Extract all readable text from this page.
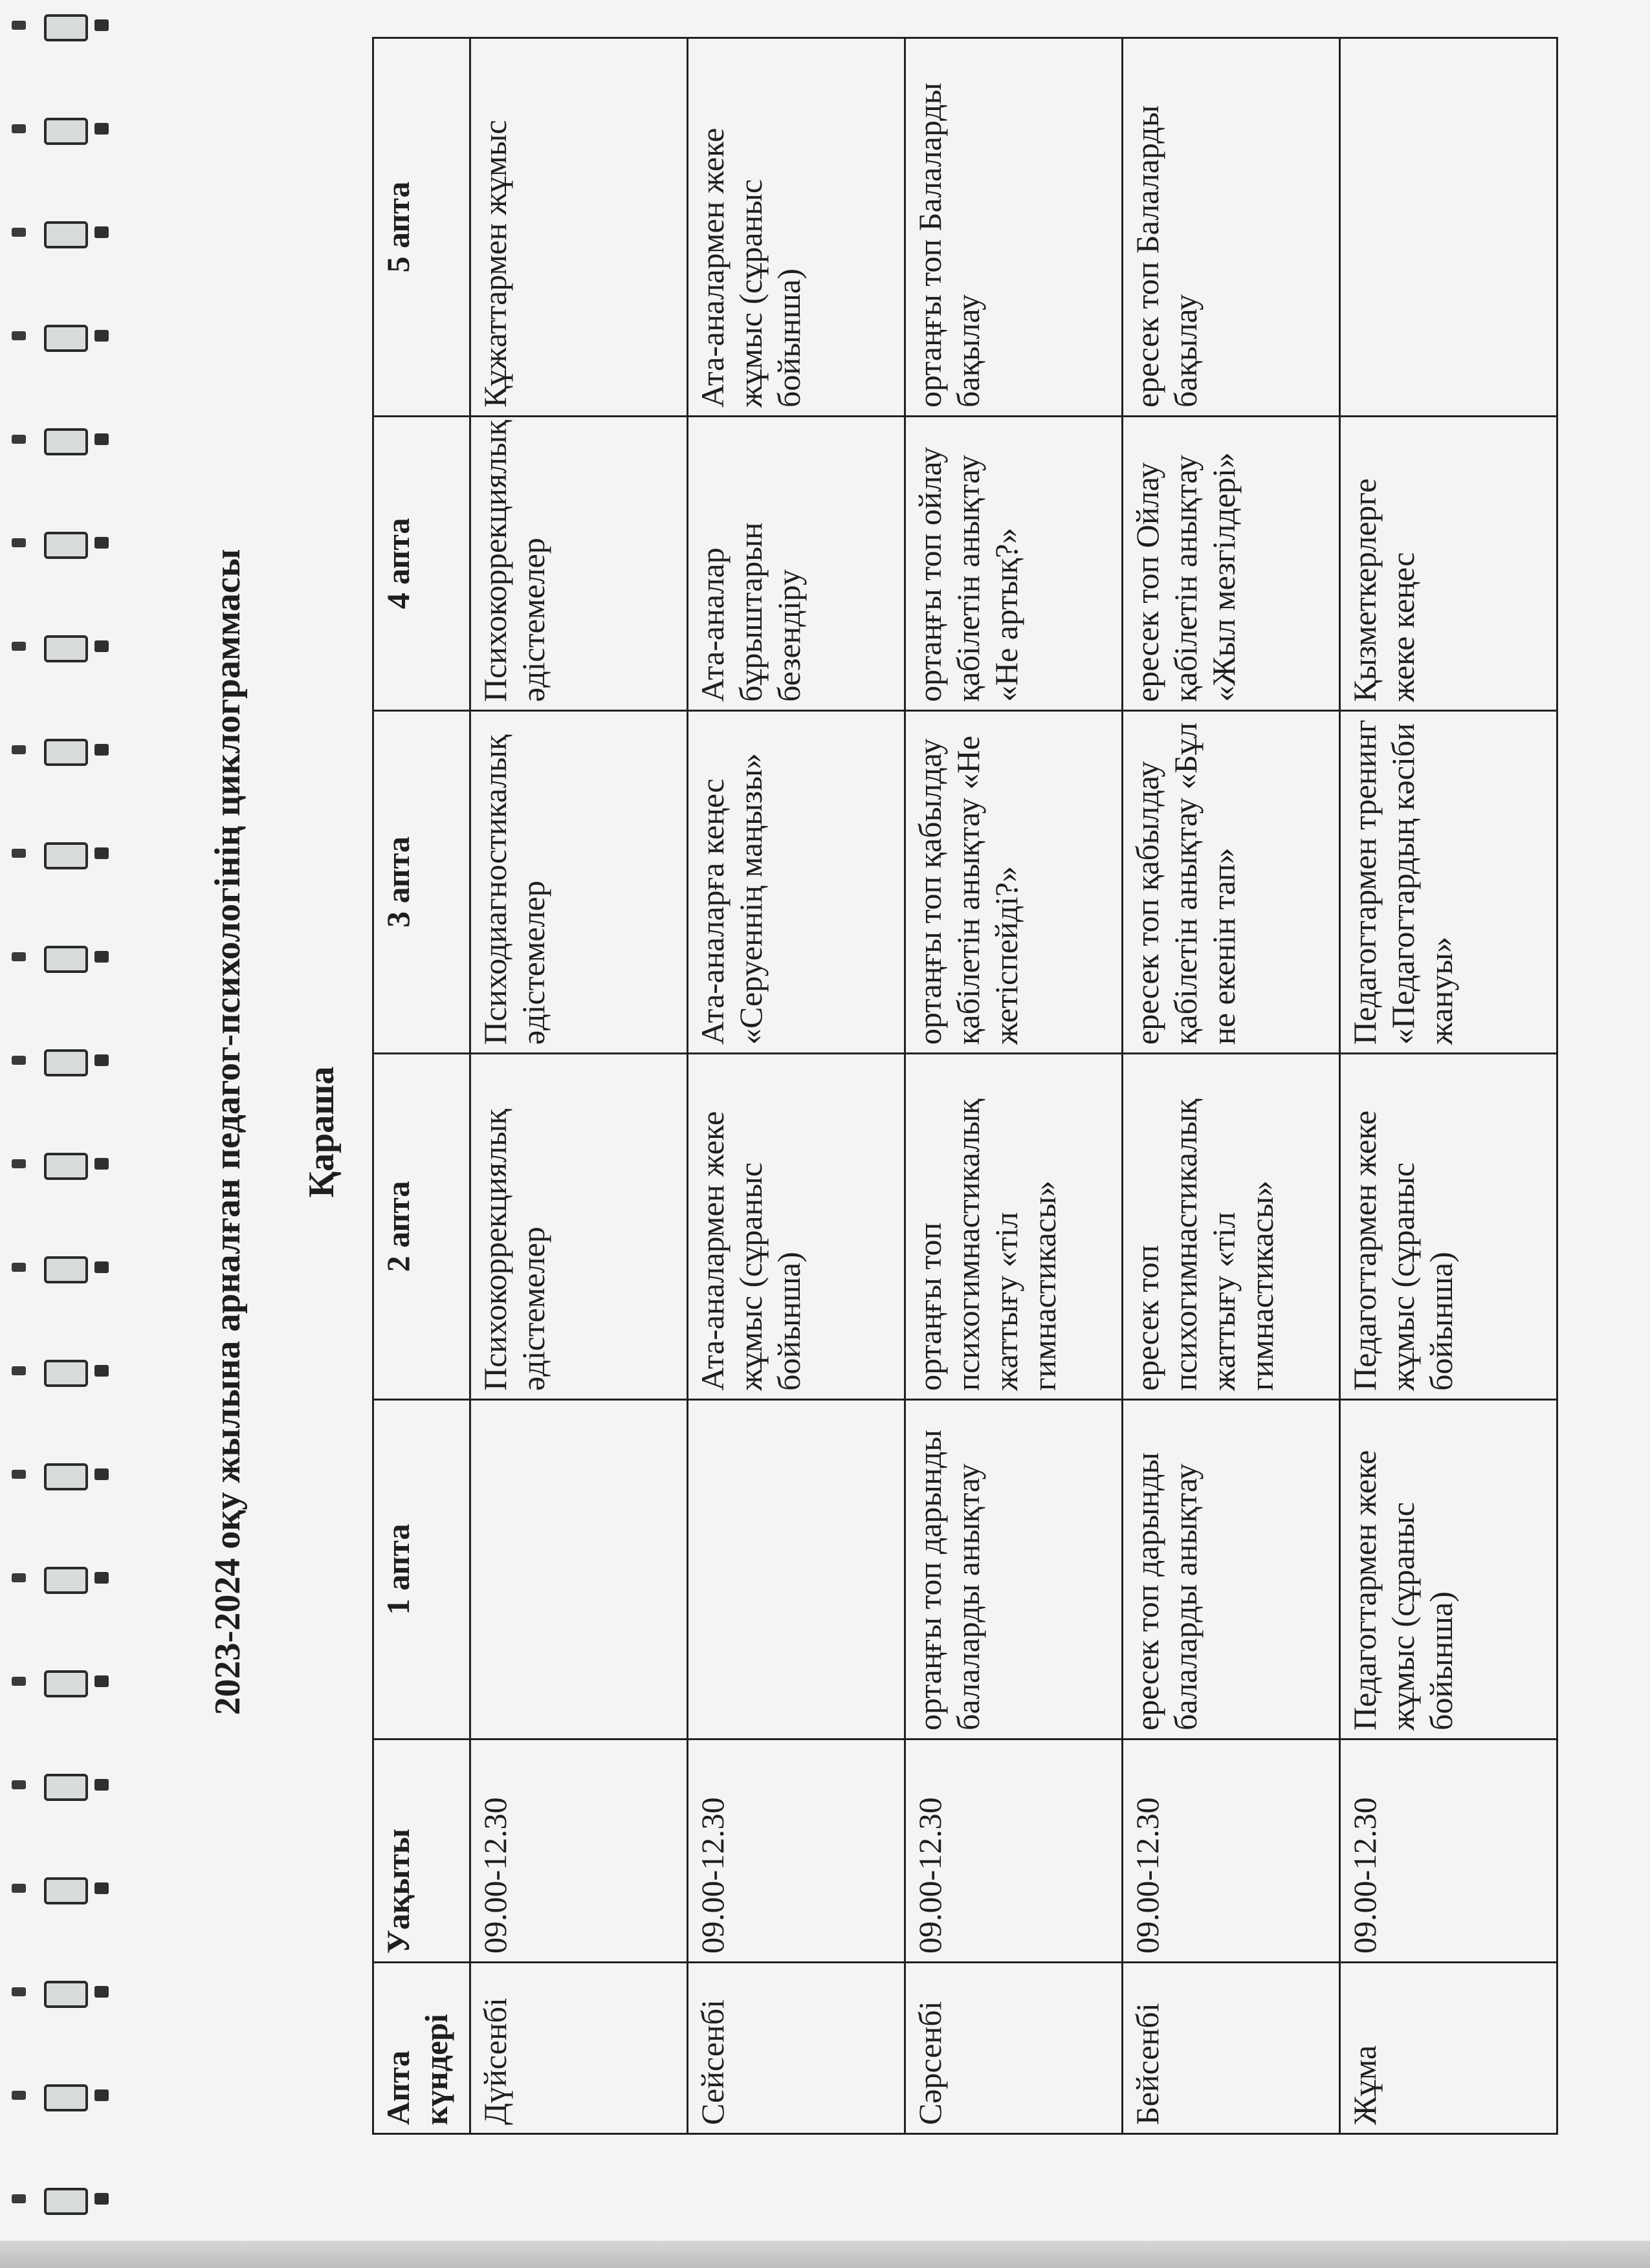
2023-2024 оқу жылына арналған педагог-психологінің циклограммасы Қараша
Апта күндері	Уақыты	1 апта	2 апта	3 апта	4 апта	5 апта
Дүйсенбі	09.00-12.30		Психокоррекциялық әдістемелер	Психодиагностикалық әдістемелер	Психокоррекциялық әдістемелер	Құжаттармен жұмыс
Сейсенбі	09.00-12.30		Ата-аналармен жеке жұмыс (сұраныс бойынша)	Ата-аналарға кеңес «Серуеннің маңызы»	Ата-аналар бұрыштарын безендіру	Ата-аналармен жеке жұмыс (сұраныс бойынша)
Сәрсенбі	09.00-12.30	ортаңғы топ дарынды балаларды анықтау	ортаңғы топ психогимнастикалық жаттығу «тіл гимнастикасы»	ортаңғы топ қабылдау қабілетін анықтау «Не жетіспейді?»	ортаңғы топ ойлау қабілетін анықтау «Не артық?»	ортаңғы топ Балаларды бақылау
Бейсенбі	09.00-12.30	ересек топ дарынды балаларды анықтау	ересек топ психогимнастикалық жаттығу «тіл гимнастикасы»	ересек топ қабылдау қабілетін анықтау «Бұл не екенін тап»	ересек топ Ойлау қабілетін анықтау «Жыл мезгілдері»	ересек топ Балаларды бақылау
Жұма	09.00-12.30	Педагогтармен жеке жұмыс (сұраныс бойынша)	Педагогтармен жеке жұмыс (сұраныс бойынша)	Педагогтармен тренинг «Педагогтардың кәсіби жануы»	Қызметкерлерге жеке кеңес	
